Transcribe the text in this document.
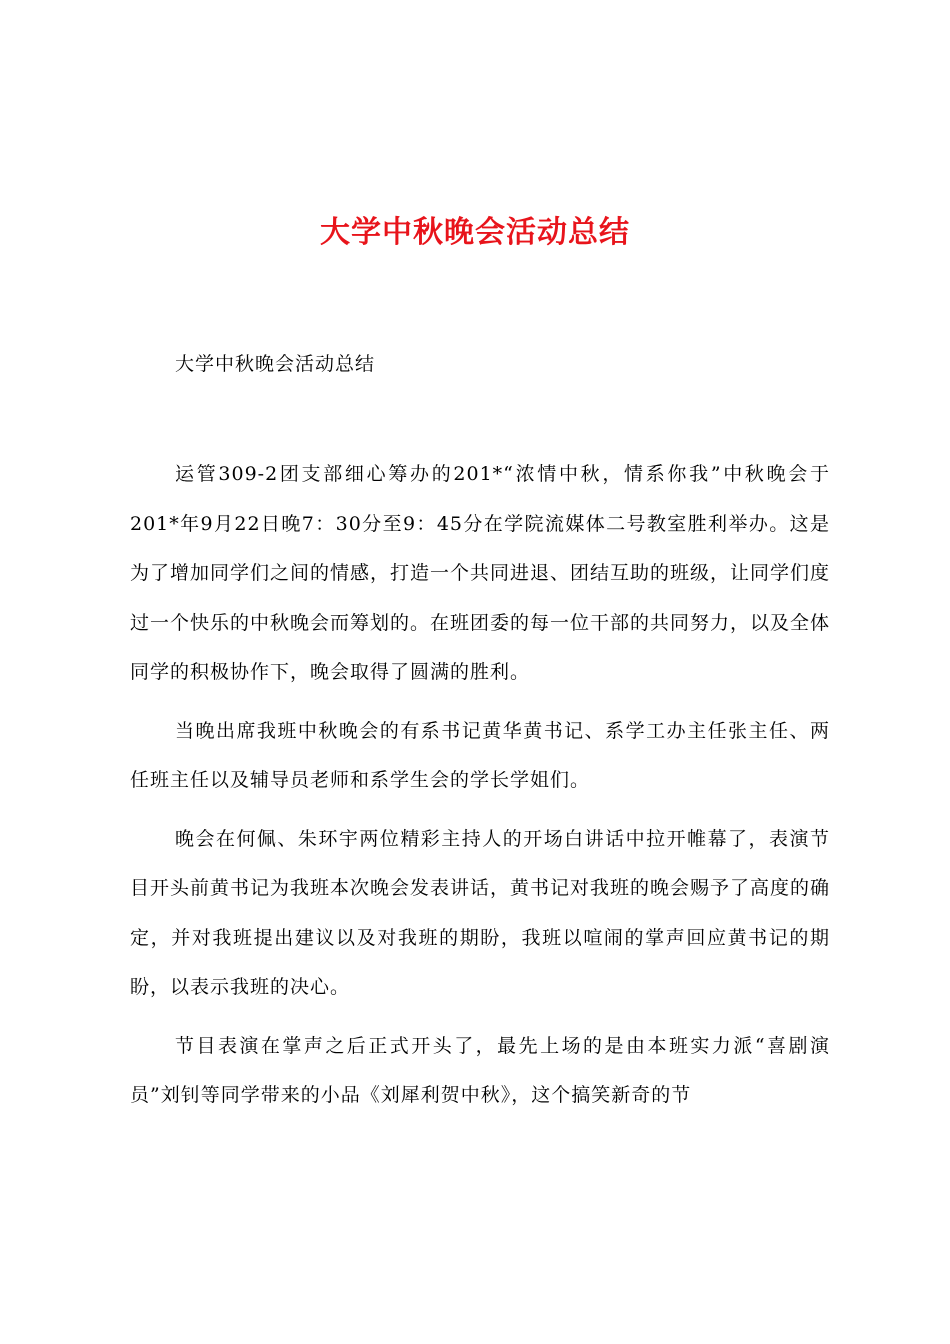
大学中秋晚会活动总结
大学中秋晚会活动总结

运管309-2团支部细心筹办的201*“浓情中秋，情系你我”中秋晚会于201*年9月22日晚7：30分至9：45分在学院流媒体二号教室胜利举办。这是为了增加同学们之间的情感，打造一个共同进退、团结互助的班级，让同学们度过一个快乐的中秋晚会而筹划的。在班团委的每一位干部的共同努力，以及全体同学的积极协作下，晚会取得了圆满的胜利。

当晚出席我班中秋晚会的有系书记黄华黄书记、系学工办主任张主任、两任班主任以及辅导员老师和系学生会的学长学姐们。

晚会在何佩、朱环宇两位精彩主持人的开场白讲话中拉开帷幕了，表演节目开头前黄书记为我班本次晚会发表讲话，黄书记对我班的晚会赐予了高度的确定，并对我班提出建议以及对我班的期盼，我班以喧闹的掌声回应黄书记的期盼，以表示我班的决心。

节目表演在掌声之后正式开头了，最先上场的是由本班实力派“喜剧演员”刘钊等同学带来的小品《刘犀利贺中秋》，这个搞笑新奇的节
